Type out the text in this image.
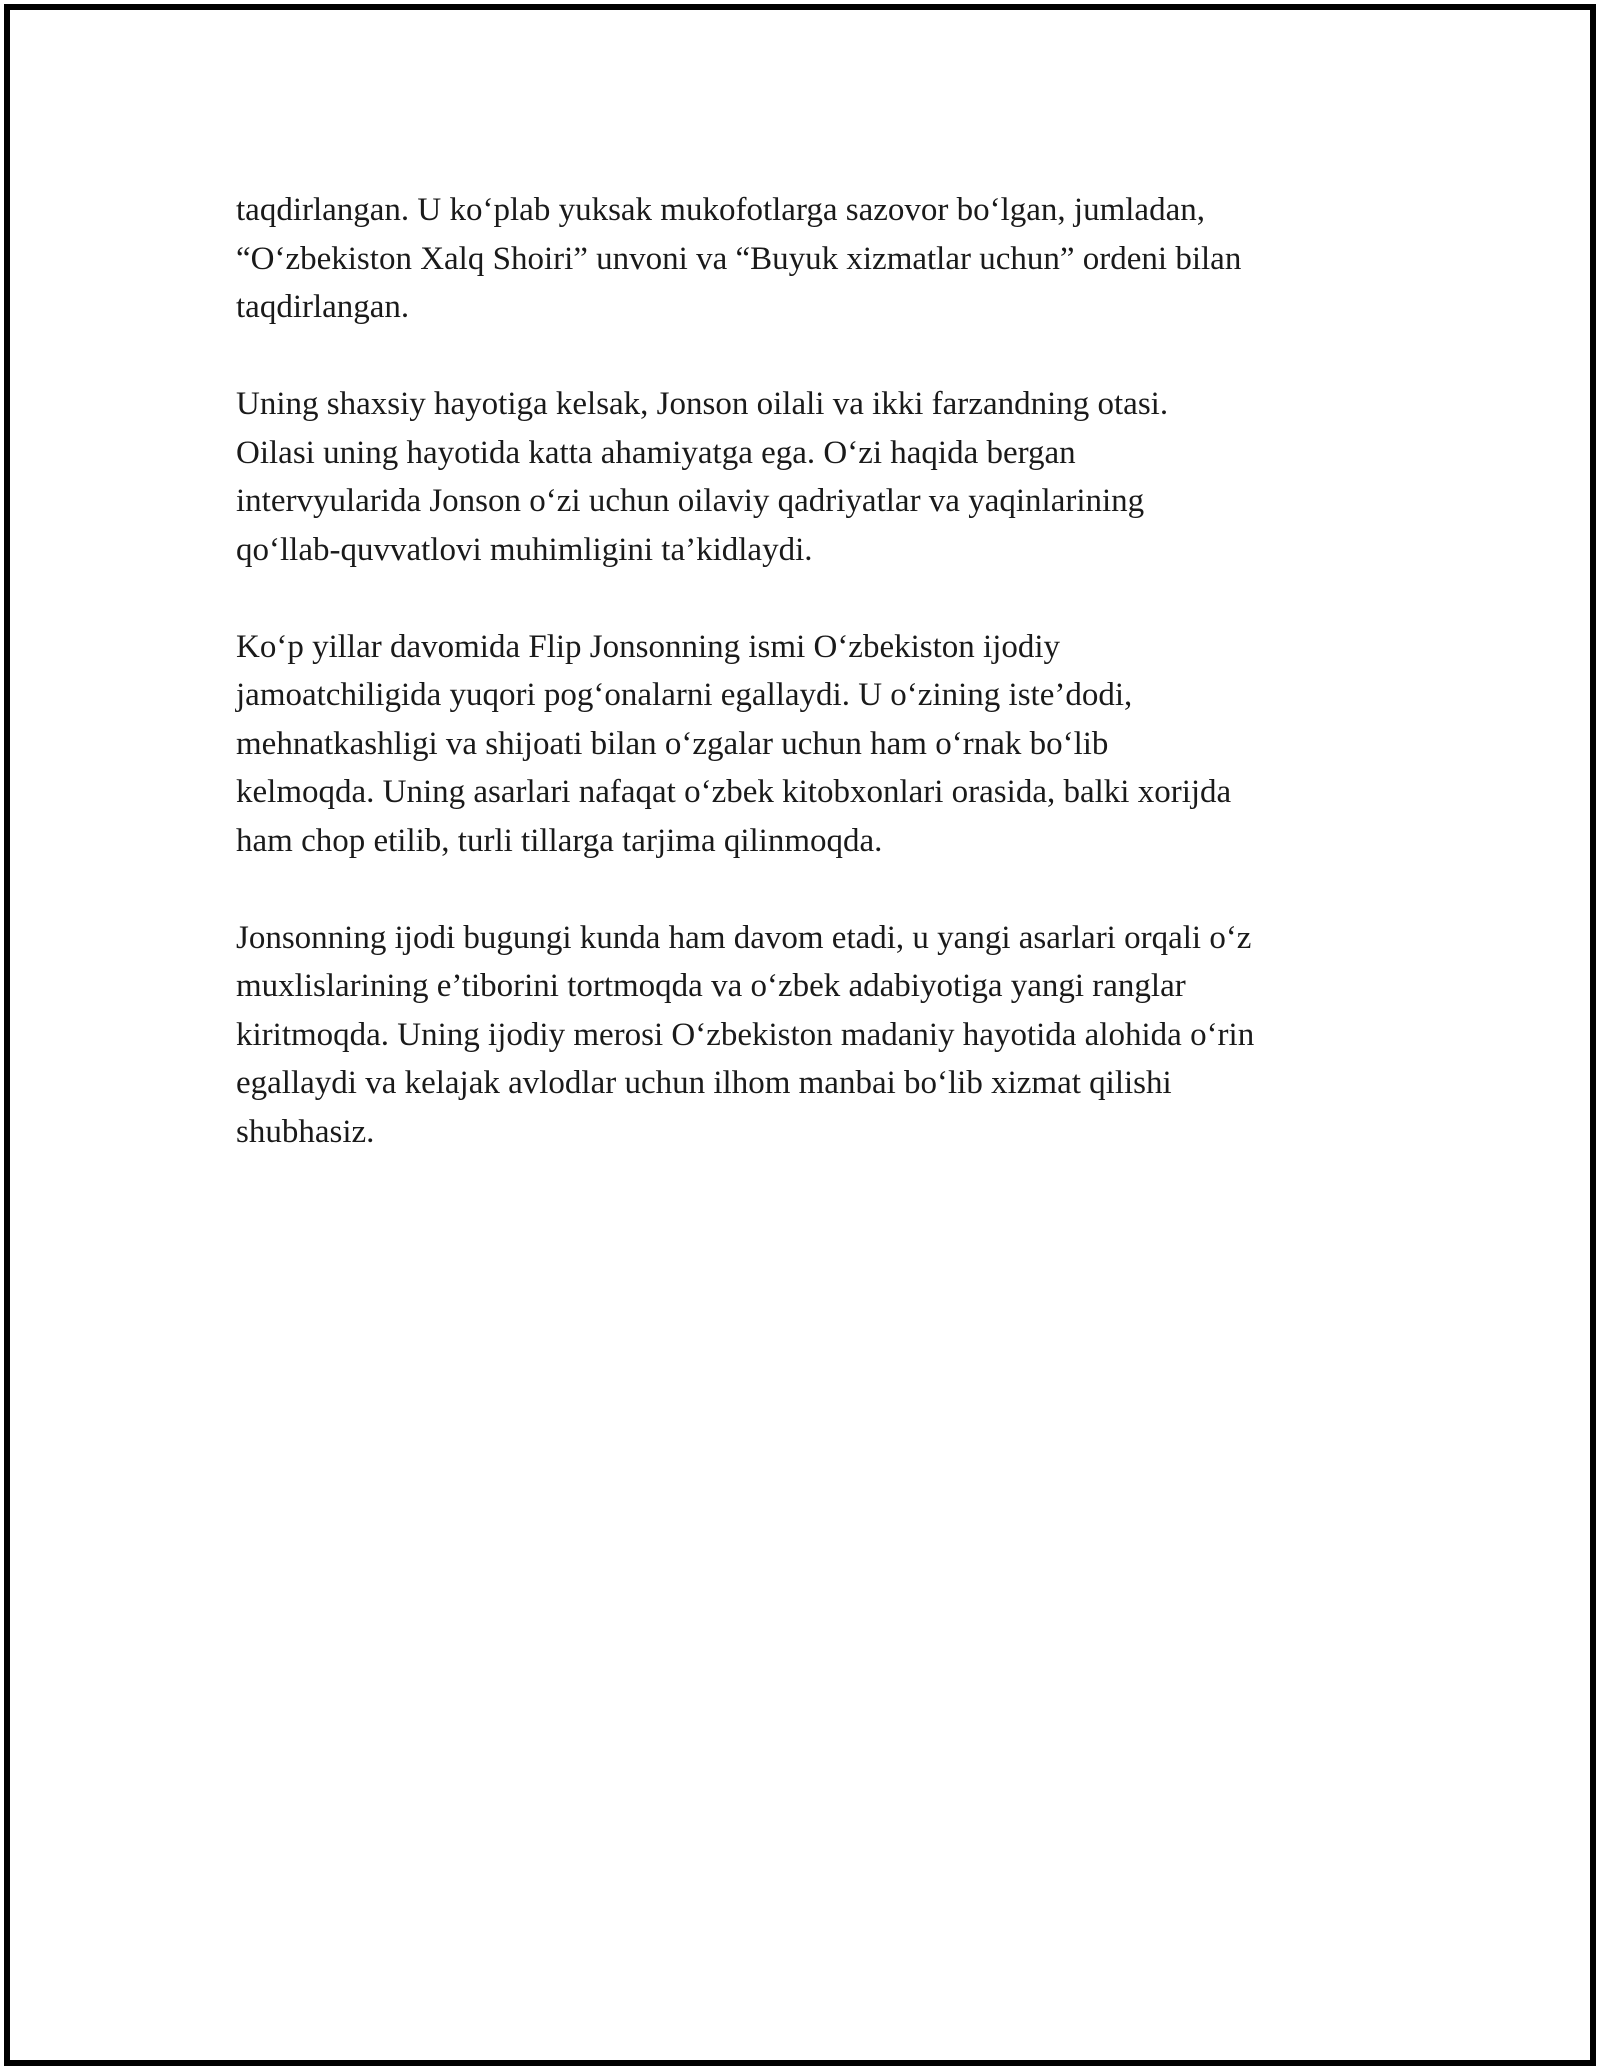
taqdirlangan. U ko‘plab yuksak mukofotlarga sazovor bo‘lgan, jumladan,
“O‘zbekiston Xalq Shoiri” unvoni va “Buyuk xizmatlar uchun” ordeni bilan
taqdirlangan.

Uning shaxsiy hayotiga kelsak, Jonson oilali va ikki farzandning otasi.
Oilasi uning hayotida katta ahamiyatga ega. O‘zi haqida bergan
intervyularida Jonson o‘zi uchun oilaviy qadriyatlar va yaqinlarining
qo‘llab-quvvatlovi muhimligini ta’kidlaydi.

Ko‘p yillar davomida Flip Jonsonning ismi O‘zbekiston ijodiy
jamoatchiligida yuqori pog‘onalarni egallaydi. U o‘zining iste’dodi,
mehnatkashligi va shijoati bilan o‘zgalar uchun ham o‘rnak bo‘lib
kelmoqda. Uning asarlari nafaqat o‘zbek kitobxonlari orasida, balki xorijda
ham chop etilib, turli tillarga tarjima qilinmoqda.

Jonsonning ijodi bugungi kunda ham davom etadi, u yangi asarlari orqali o‘z
muxlislarining e’tiborini tortmoqda va o‘zbek adabiyotiga yangi ranglar
kiritmoqda. Uning ijodiy merosi O‘zbekiston madaniy hayotida alohida o‘rin
egallaydi va kelajak avlodlar uchun ilhom manbai bo‘lib xizmat qilishi
shubhasiz.
